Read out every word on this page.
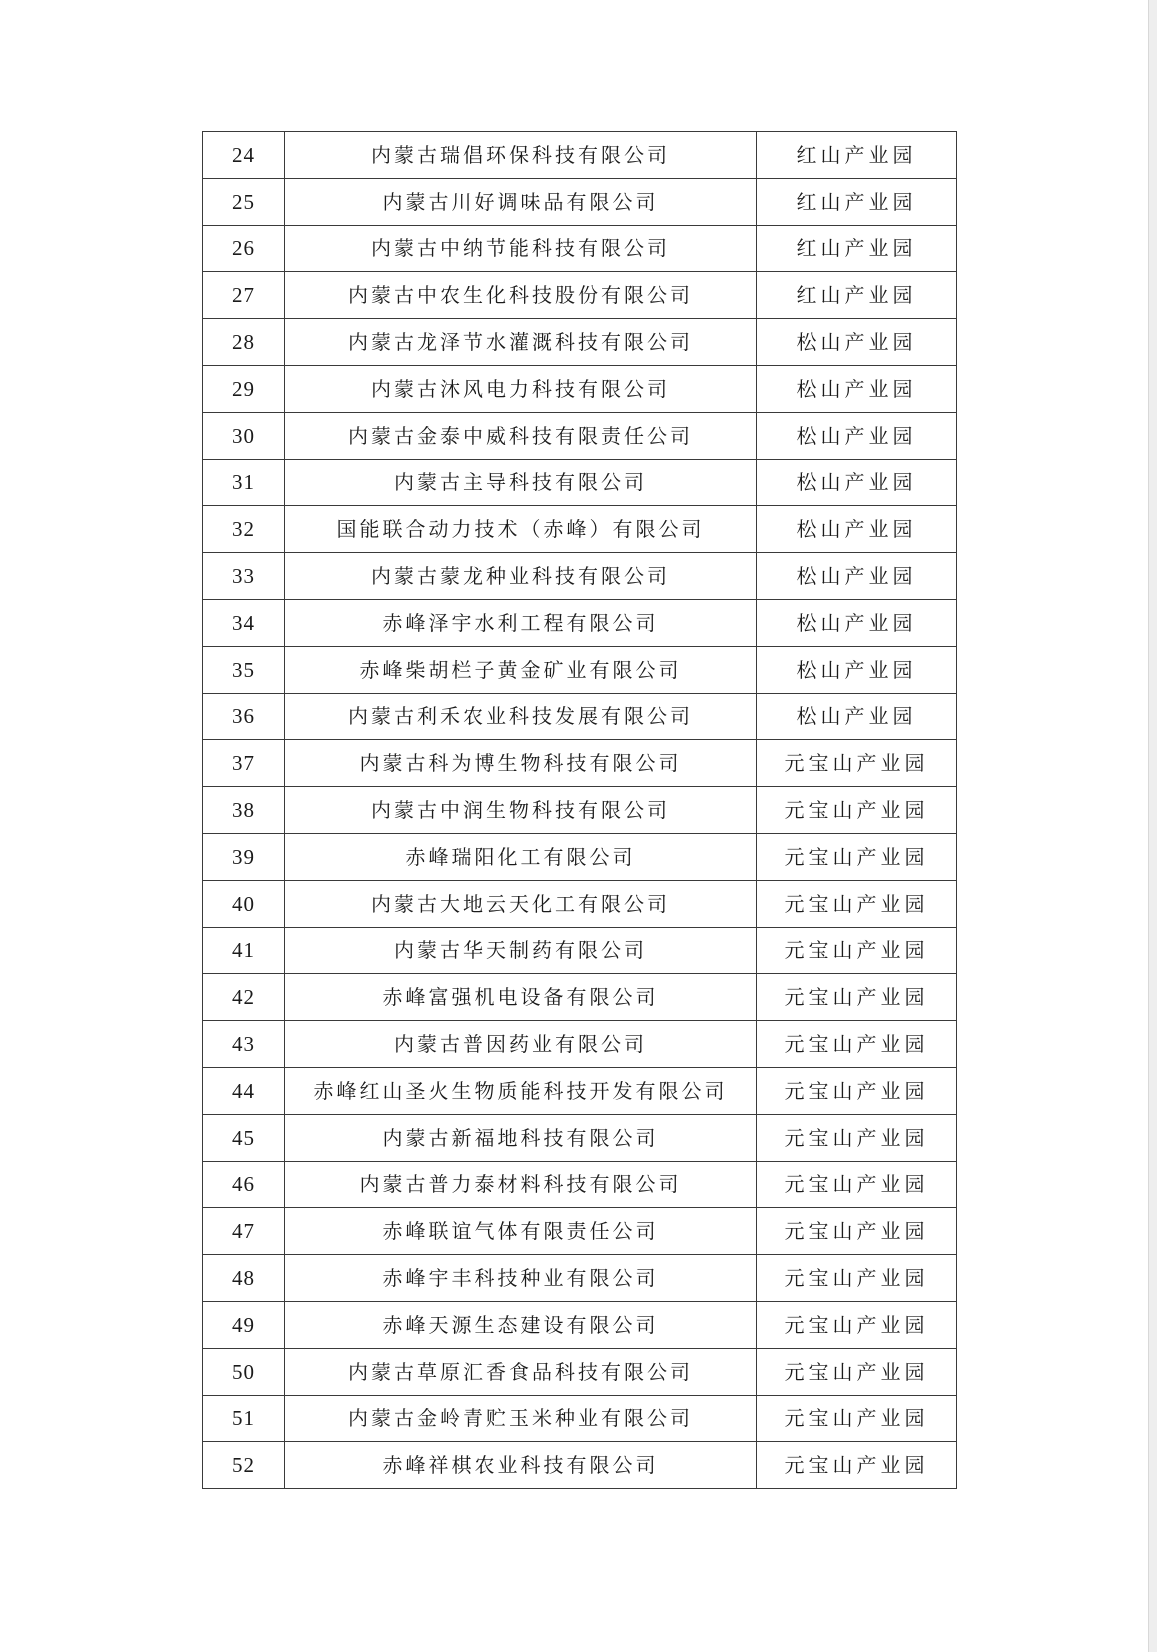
24	内蒙古瑞倡环保科技有限公司	红山产业园
25	内蒙古川好调味品有限公司	红山产业园
26	内蒙古中纳节能科技有限公司	红山产业园
27	内蒙古中农生化科技股份有限公司	红山产业园
28	内蒙古龙泽节水灌溉科技有限公司	松山产业园
29	内蒙古沐风电力科技有限公司	松山产业园
30	内蒙古金泰中威科技有限责任公司	松山产业园
31	内蒙古主导科技有限公司	松山产业园
32	国能联合动力技术（赤峰）有限公司	松山产业园
33	内蒙古蒙龙种业科技有限公司	松山产业园
34	赤峰泽宇水利工程有限公司	松山产业园
35	赤峰柴胡栏子黄金矿业有限公司	松山产业园
36	内蒙古利禾农业科技发展有限公司	松山产业园
37	内蒙古科为博生物科技有限公司	元宝山产业园
38	内蒙古中润生物科技有限公司	元宝山产业园
39	赤峰瑞阳化工有限公司	元宝山产业园
40	内蒙古大地云天化工有限公司	元宝山产业园
41	内蒙古华天制药有限公司	元宝山产业园
42	赤峰富强机电设备有限公司	元宝山产业园
43	内蒙古普因药业有限公司	元宝山产业园
44	赤峰红山圣火生物质能科技开发有限公司	元宝山产业园
45	内蒙古新福地科技有限公司	元宝山产业园
46	内蒙古普力泰材料科技有限公司	元宝山产业园
47	赤峰联谊气体有限责任公司	元宝山产业园
48	赤峰宇丰科技种业有限公司	元宝山产业园
49	赤峰天源生态建设有限公司	元宝山产业园
50	内蒙古草原汇香食品科技有限公司	元宝山产业园
51	内蒙古金岭青贮玉米种业有限公司	元宝山产业园
52	赤峰祥棋农业科技有限公司	元宝山产业园
